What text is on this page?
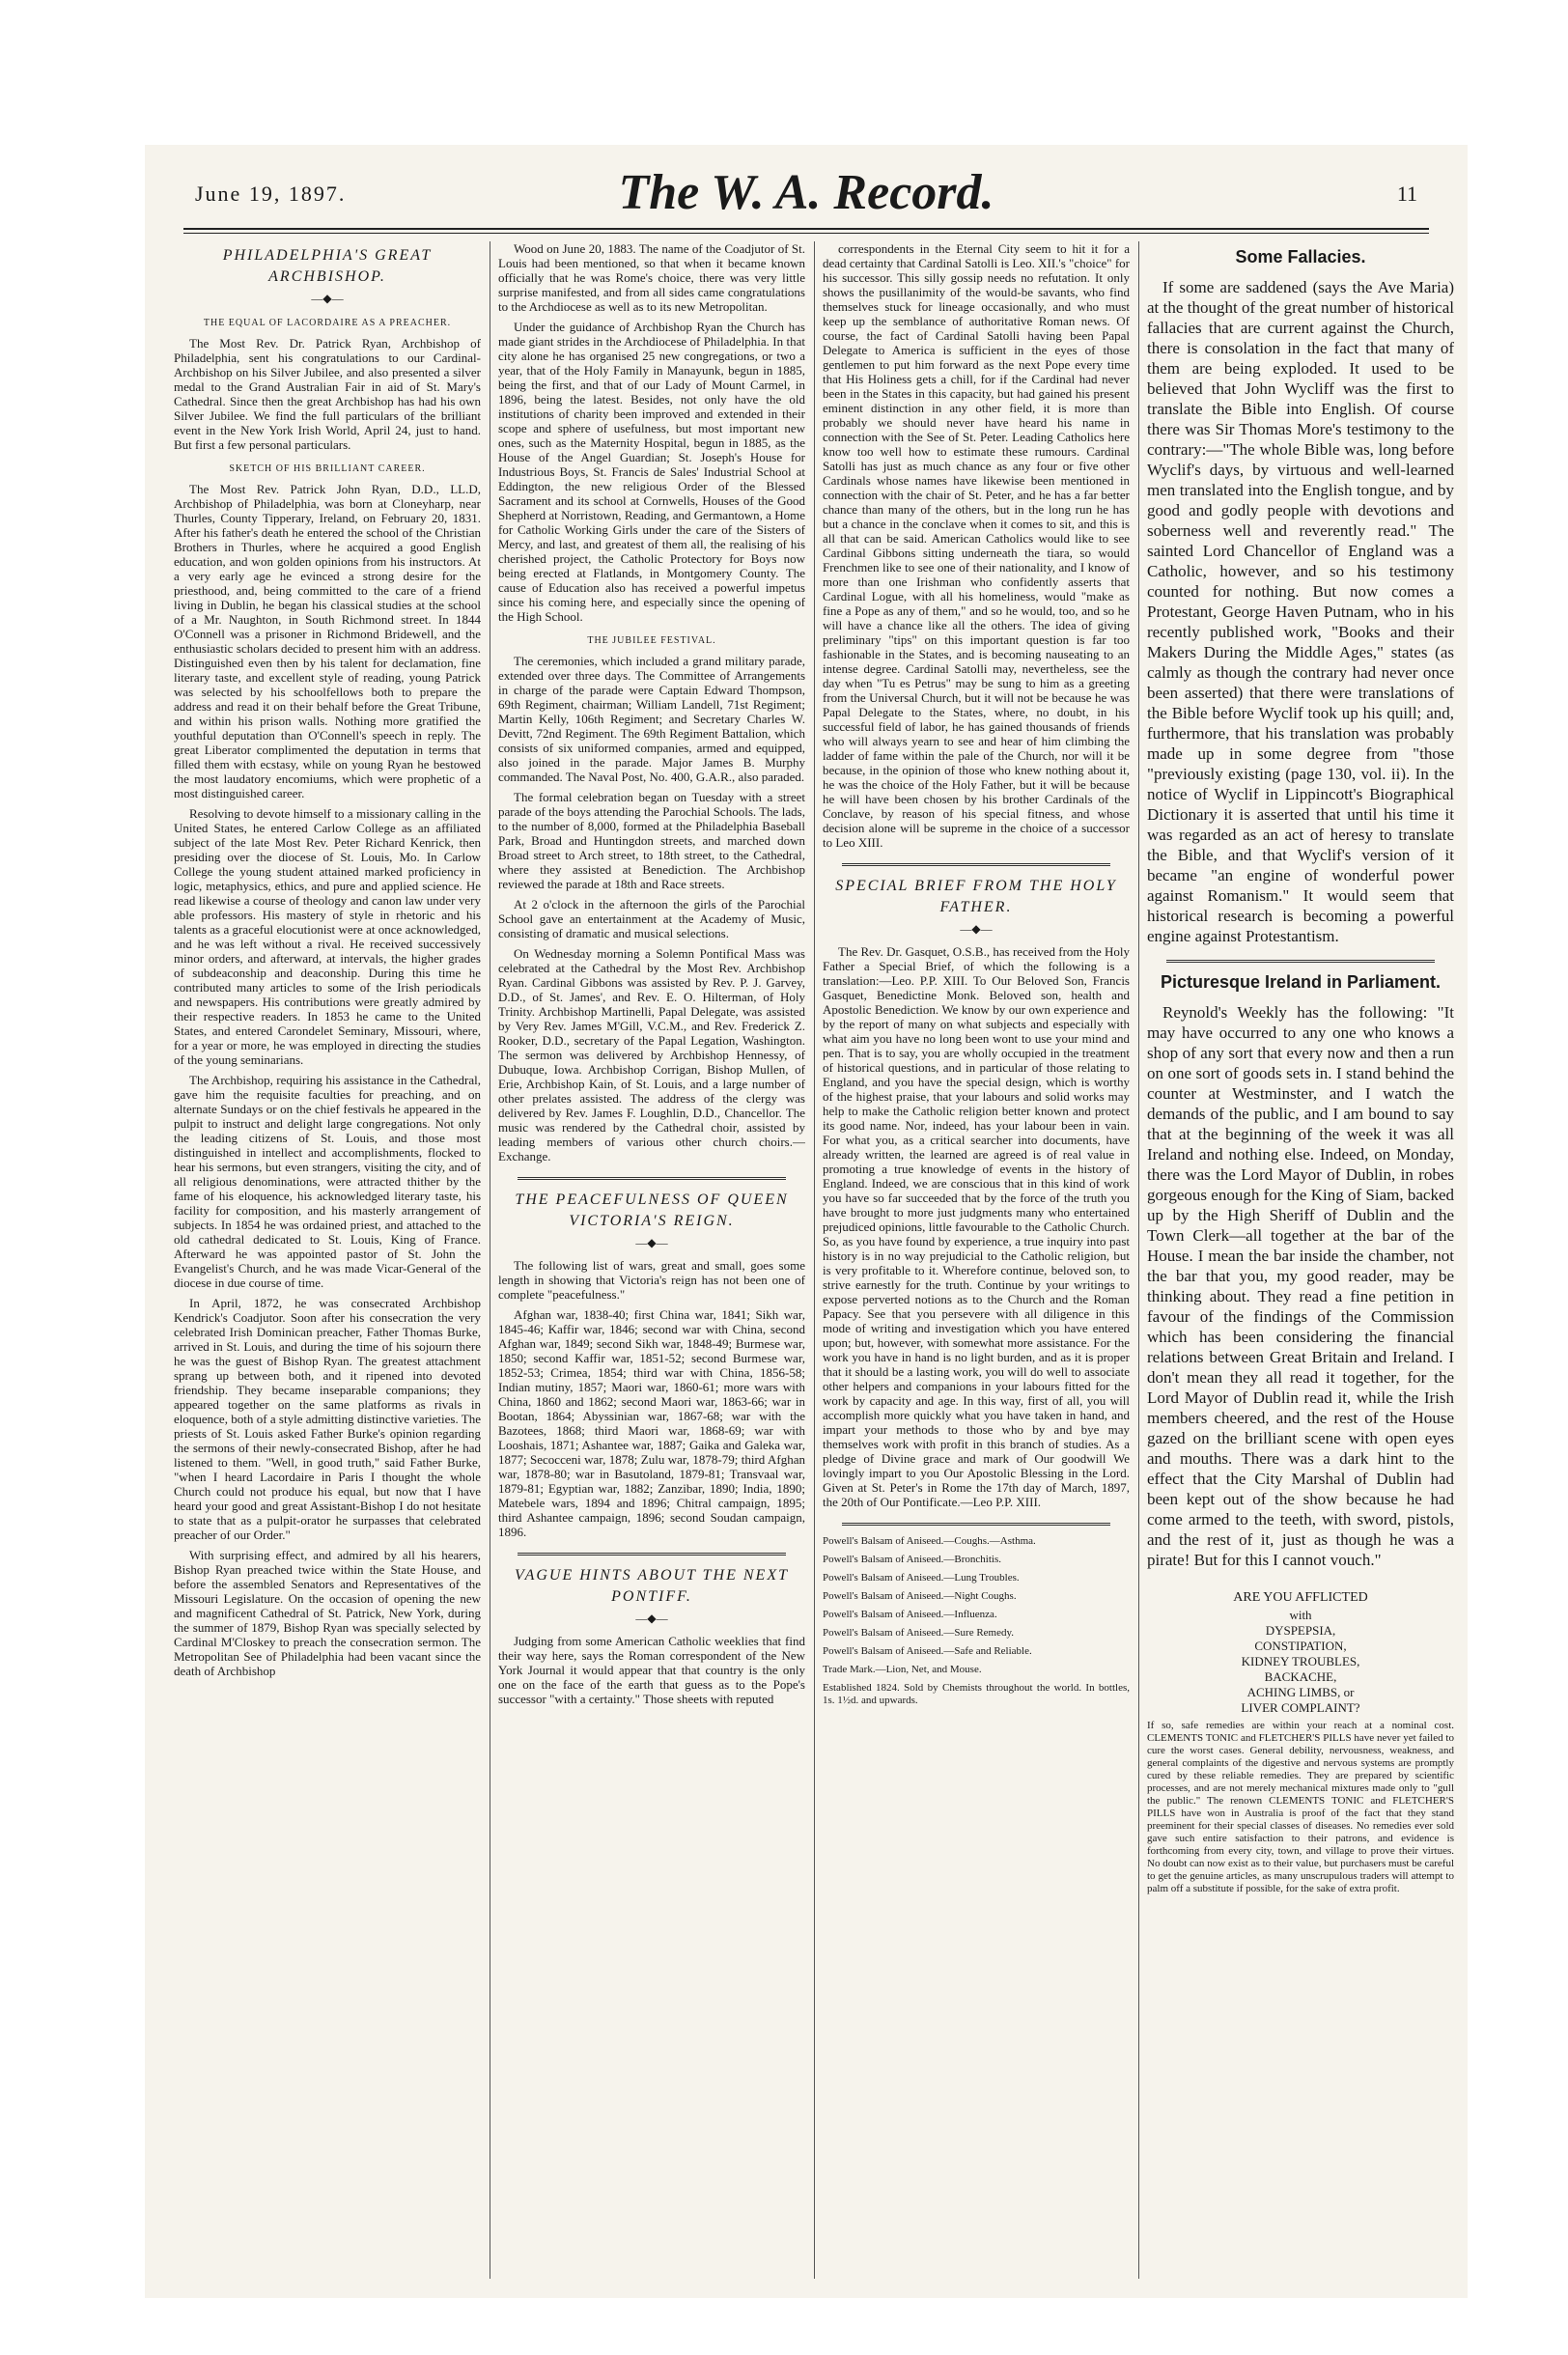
June 19, 1897.	The W. A. Record.	11
PHILADELPHIA'S GREAT ARCHBISHOP.
—◆—
THE EQUAL OF LACORDAIRE AS A PREACHER.

The Most Rev. Dr. Patrick Ryan, Archbishop of Philadelphia, sent his congratulations to our Cardinal-Archbishop on his Silver Jubilee, and also presented a silver medal to the Grand Australian Fair in aid of St. Mary's Cathedral. Since then the great Archbishop has had his own Silver Jubilee. We find the full particulars of the brilliant event in the New York Irish World, April 24, just to hand. But first a few personal particulars.

SKETCH OF HIS BRILLIANT CAREER.

The Most Rev. Patrick John Ryan, D.D., LL.D, Archbishop of Philadelphia, was born at Cloneyharp, near Thurles, County Tipperary, Ireland, on February 20, 1831. After his father's death he entered the school of the Christian Brothers in Thurles, where he acquired a good English education, and won golden opinions from his instructors. At a very early age he evinced a strong desire for the priesthood, and, being committed to the care of a friend living in Dublin, he began his classical studies at the school of a Mr. Naughton, in South Richmond street. In 1844 O'Connell was a prisoner in Richmond Bridewell, and the enthusiastic scholars decided to present him with an address. Distinguished even then by his talent for declamation, fine literary taste, and excellent style of reading, young Patrick was selected by his schoolfellows both to prepare the address and read it on their behalf before the Great Tribune, and within his prison walls. Nothing more gratified the youthful deputation than O'Connell's speech in reply. The great Liberator complimented the deputation in terms that filled them with ecstasy, while on young Ryan he bestowed the most laudatory encomiums, which were prophetic of a most distinguished career.

Resolving to devote himself to a missionary calling in the United States, he entered Carlow College as an affiliated subject of the late Most Rev. Peter Richard Kenrick, then presiding over the diocese of St. Louis, Mo. In Carlow College the young student attained marked proficiency in logic, metaphysics, ethics, and pure and applied science. He read likewise a course of theology and canon law under very able professors. His mastery of style in rhetoric and his talents as a graceful elocutionist were at once acknowledged, and he was left without a rival. He received successively minor orders, and afterward, at intervals, the higher grades of subdeaconship and deaconship. During this time he contributed many articles to some of the Irish periodicals and newspapers. His contributions were greatly admired by their respective readers. In 1853 he came to the United States, and entered Carondelet Seminary, Missouri, where, for a year or more, he was employed in directing the studies of the young seminarians.

The Archbishop, requiring his assistance in the Cathedral, gave him the requisite faculties for preaching, and on alternate Sundays or on the chief festivals he appeared in the pulpit to instruct and delight large congregations. Not only the leading citizens of St. Louis, and those most distinguished in intellect and accomplishments, flocked to hear his sermons, but even strangers, visiting the city, and of all religious denominations, were attracted thither by the fame of his eloquence, his acknowledged literary taste, his facility for composition, and his masterly arrangement of subjects. In 1854 he was ordained priest, and attached to the old cathedral dedicated to St. Louis, King of France. Afterward he was appointed pastor of St. John the Evangelist's Church, and he was made Vicar-General of the diocese in due course of time.

In April, 1872, he was consecrated Archbishop Kendrick's Coadjutor. Soon after his consecration the very celebrated Irish Dominican preacher, Father Thomas Burke, arrived in St. Louis, and during the time of his sojourn there he was the guest of Bishop Ryan. The greatest attachment sprang up between both, and it ripened into devoted friendship. They became inseparable companions; they appeared together on the same platforms as rivals in eloquence, both of a style admitting distinctive varieties. The priests of St. Louis asked Father Burke's opinion regarding the sermons of their newly-consecrated Bishop, after he had listened to them. "Well, in good truth," said Father Burke, "when I heard Lacordaire in Paris I thought the whole Church could not produce his equal, but now that I have heard your good and great Assistant-Bishop I do not hesitate to state that as a pulpit-orator he surpasses that celebrated preacher of our Order."

With surprising effect, and admired by all his hearers, Bishop Ryan preached twice within the State House, and before the assembled Senators and Representatives of the Missouri Legislature. On the occasion of opening the new and magnificent Cathedral of St. Patrick, New York, during the summer of 1879, Bishop Ryan was specially selected by Cardinal M'Closkey to preach the consecration sermon. The Metropolitan See of Philadelphia had been vacant since the death of Archbishop

Wood on June 20, 1883. The name of the Coadjutor of St. Louis had been mentioned, so that when it became known officially that he was Rome's choice, there was very little surprise manifested, and from all sides came congratulations to the Archdiocese as well as to its new Metropolitan.

Under the guidance of Archbishop Ryan the Church has made giant strides in the Archdiocese of Philadelphia. In that city alone he has organised 25 new congregations, or two a year, that of the Holy Family in Manayunk, begun in 1885, being the first, and that of our Lady of Mount Carmel, in 1896, being the latest. Besides, not only have the old institutions of charity been improved and extended in their scope and sphere of usefulness, but most important new ones, such as the Maternity Hospital, begun in 1885, as the House of the Angel Guardian; St. Joseph's House for Industrious Boys, St. Francis de Sales' Industrial School at Eddington, the new religious Order of the Blessed Sacrament and its school at Cornwells, Houses of the Good Shepherd at Norristown, Reading, and Germantown, a Home for Catholic Working Girls under the care of the Sisters of Mercy, and last, and greatest of them all, the realising of his cherished project, the Catholic Protectory for Boys now being erected at Flatlands, in Montgomery County. The cause of Education also has received a powerful impetus since his coming here, and especially since the opening of the High School.

THE JUBILEE FESTIVAL.

The ceremonies, which included a grand military parade, extended over three days. The Committee of Arrangements in charge of the parade were Captain Edward Thompson, 69th Regiment, chairman; William Landell, 71st Regiment; Martin Kelly, 106th Regiment; and Secretary Charles W. Devitt, 72nd Regiment. The 69th Regiment Battalion, which consists of six uniformed companies, armed and equipped, also joined in the parade. Major James B. Murphy commanded. The Naval Post, No. 400, G.A.R., also paraded.

The formal celebration began on Tuesday with a street parade of the boys attending the Parochial Schools. The lads, to the number of 8,000, formed at the Philadelphia Baseball Park, Broad and Huntingdon streets, and marched down Broad street to Arch street, to 18th street, to the Cathedral, where they assisted at Benediction. The Archbishop reviewed the parade at 18th and Race streets.

At 2 o'clock in the afternoon the girls of the Parochial School gave an entertainment at the Academy of Music, consisting of dramatic and musical selections.

On Wednesday morning a Solemn Pontifical Mass was celebrated at the Cathedral by the Most Rev. Archbishop Ryan. Cardinal Gibbons was assisted by Rev. P. J. Garvey, D.D., of St. James', and Rev. E. O. Hilterman, of Holy Trinity. Archbishop Martinelli, Papal Delegate, was assisted by Very Rev. James M'Gill, V.C.M., and Rev. Frederick Z. Rooker, D.D., secretary of the Papal Legation, Washington. The sermon was delivered by Archbishop Hennessy, of Dubuque, Iowa. Archbishop Corrigan, Bishop Mullen, of Erie, Archbishop Kain, of St. Louis, and a large number of other prelates assisted. The address of the clergy was delivered by Rev. James F. Loughlin, D.D., Chancellor. The music was rendered by the Cathedral choir, assisted by leading members of various other church choirs.—Exchange.

THE PEACEFULNESS OF QUEEN VICTORIA'S REIGN.
—◆—

The following list of wars, great and small, goes some length in showing that Victoria's reign has not been one of complete "peacefulness."

Afghan war, 1838-40; first China war, 1841; Sikh war, 1845-46; Kaffir war, 1846; second war with China, second Afghan war, 1849; second Sikh war, 1848-49; Burmese war, 1850; second Kaffir war, 1851-52; second Burmese war, 1852-53; Crimea, 1854; third war with China, 1856-58; Indian mutiny, 1857; Maori war, 1860-61; more wars with China, 1860 and 1862; second Maori war, 1863-66; war in Bootan, 1864; Abyssinian war, 1867-68; war with the Bazotees, 1868; third Maori war, 1868-69; war with Looshais, 1871; Ashantee war, 1887; Gaika and Galeka war, 1877; Secocceni war, 1878; Zulu war, 1878-79; third Afghan war, 1878-80; war in Basutoland, 1879-81; Transvaal war, 1879-81; Egyptian war, 1882; Zanzibar, 1890; India, 1890; Matebele wars, 1894 and 1896; Chitral campaign, 1895; third Ashantee campaign, 1896; second Soudan campaign, 1896.

VAGUE HINTS ABOUT THE NEXT PONTIFF.
—◆—

Judging from some American Catholic weeklies that find their way here, says the Roman correspondent of the New York Journal it would appear that that country is the only one on the face of the earth that guess as to the Pope's successor "with a certainty." Those sheets with reputed

correspondents in the Eternal City seem to hit it for a dead certainty that Cardinal Satolli is Leo. XII.'s "choice" for his successor. This silly gossip needs no refutation. It only shows the pusillanimity of the would-be savants, who find themselves stuck for lineage occasionally, and who must keep up the semblance of authoritative Roman news. Of course, the fact of Cardinal Satolli having been Papal Delegate to America is sufficient in the eyes of those gentlemen to put him forward as the next Pope every time that His Holiness gets a chill, for if the Cardinal had never been in the States in this capacity, but had gained his present eminent distinction in any other field, it is more than probably we should never have heard his name in connection with the See of St. Peter. Leading Catholics here know too well how to estimate these rumours. Cardinal Satolli has just as much chance as any four or five other Cardinals whose names have likewise been mentioned in connection with the chair of St. Peter, and he has a far better chance than many of the others, but in the long run he has but a chance in the conclave when it comes to sit, and this is all that can be said. American Catholics would like to see Cardinal Gibbons sitting underneath the tiara, so would Frenchmen like to see one of their nationality, and I know of more than one Irishman who confidently asserts that Cardinal Logue, with all his homeliness, would "make as fine a Pope as any of them," and so he would, too, and so he will have a chance like all the others. The idea of giving preliminary "tips" on this important question is far too fashionable in the States, and is becoming nauseating to an intense degree. Cardinal Satolli may, nevertheless, see the day when "Tu es Petrus" may be sung to him as a greeting from the Universal Church, but it will not be because he was Papal Delegate to the States, where, no doubt, in his successful field of labor, he has gained thousands of friends who will always yearn to see and hear of him climbing the ladder of fame within the pale of the Church, nor will it be because, in the opinion of those who knew nothing about it, he was the choice of the Holy Father, but it will be because he will have been chosen by his brother Cardinals of the Conclave, by reason of his special fitness, and whose decision alone will be supreme in the choice of a successor to Leo XIII.

SPECIAL BRIEF FROM THE HOLY FATHER.
—◆—

The Rev. Dr. Gasquet, O.S.B., has received from the Holy Father a Special Brief, of which the following is a translation:—Leo. P.P. XIII. To Our Beloved Son, Francis Gasquet, Benedictine Monk. Beloved son, health and Apostolic Benediction. We know by our own experience and by the report of many on what subjects and especially with what aim you have no long been wont to use your mind and pen. That is to say, you are wholly occupied in the treatment of historical questions, and in particular of those relating to England, and you have the special design, which is worthy of the highest praise, that your labours and solid works may help to make the Catholic religion better known and protect its good name. Nor, indeed, has your labour been in vain. For what you, as a critical searcher into documents, have already written, the learned are agreed is of real value in promoting a true knowledge of events in the history of England. Indeed, we are conscious that in this kind of work you have so far succeeded that by the force of the truth you have brought to more just judgments many who entertained prejudiced opinions, little favourable to the Catholic Church. So, as you have found by experience, a true inquiry into past history is in no way prejudicial to the Catholic religion, but is very profitable to it. Wherefore continue, beloved son, to strive earnestly for the truth. Continue by your writings to expose perverted notions as to the Church and the Roman Papacy. See that you persevere with all diligence in this mode of writing and investigation which you have entered upon; but, however, with somewhat more assistance. For the work you have in hand is no light burden, and as it is proper that it should be a lasting work, you will do well to associate other helpers and companions in your labours fitted for the work by capacity and age. In this way, first of all, you will accomplish more quickly what you have taken in hand, and impart your methods to those who by and bye may themselves work with profit in this branch of studies. As a pledge of Divine grace and mark of Our goodwill We lovingly impart to you Our Apostolic Blessing in the Lord. Given at St. Peter's in Rome the 17th day of March, 1897, the 20th of Our Pontificate.—Leo P.P. XIII.

Powell's Balsam of Aniseed.—Coughs.—Asthma.

Powell's Balsam of Aniseed.—Bronchitis.

Powell's Balsam of Aniseed.—Lung Troubles.

Powell's Balsam of Aniseed.—Night Coughs.

Powell's Balsam of Aniseed.—Influenza.

Powell's Balsam of Aniseed.—Sure Remedy.

Powell's Balsam of Aniseed.—Safe and Reliable.

Trade Mark.—Lion, Net, and Mouse.

Established 1824. Sold by Chemists throughout the world. In bottles, 1s. 1½d. and upwards.

Some Fallacies.

If some are saddened (says the Ave Maria) at the thought of the great number of historical fallacies that are current against the Church, there is consolation in the fact that many of them are being exploded. It used to be believed that John Wycliff was the first to translate the Bible into English. Of course there was Sir Thomas More's testimony to the contrary:—"The whole Bible was, long before Wyclif's days, by virtuous and well-learned men translated into the English tongue, and by good and godly people with devotions and soberness well and reverently read." The sainted Lord Chancellor of England was a Catholic, however, and so his testimony counted for nothing. But now comes a Protestant, George Haven Putnam, who in his recently published work, "Books and their Makers During the Middle Ages," states (as calmly as though the contrary had never once been asserted) that there were translations of the Bible before Wyclif took up his quill; and, furthermore, that his translation was probably made up in some degree from "those "previously existing (page 130, vol. ii). In the notice of Wyclif in Lippincott's Biographical Dictionary it is asserted that until his time it was regarded as an act of heresy to translate the Bible, and that Wyclif's version of it became "an engine of wonderful power against Romanism." It would seem that historical research is becoming a powerful engine against Protestantism.

Picturesque Ireland in Parliament.

Reynold's Weekly has the following: "It may have occurred to any one who knows a shop of any sort that every now and then a run on one sort of goods sets in. I stand behind the counter at Westminster, and I watch the demands of the public, and I am bound to say that at the beginning of the week it was all Ireland and nothing else. Indeed, on Monday, there was the Lord Mayor of Dublin, in robes gorgeous enough for the King of Siam, backed up by the High Sheriff of Dublin and the Town Clerk—all together at the bar of the House. I mean the bar inside the chamber, not the bar that you, my good reader, may be thinking about. They read a fine petition in favour of the findings of the Commission which has been considering the financial relations between Great Britain and Ireland. I don't mean they all read it together, for the Lord Mayor of Dublin read it, while the Irish members cheered, and the rest of the House gazed on the brilliant scene with open eyes and mouths. There was a dark hint to the effect that the City Marshal of Dublin had been kept out of the show because he had come armed to the teeth, with sword, pistols, and the rest of it, just as though he was a pirate! But for this I cannot vouch."

ARE YOU AFFLICTED
with
DYSPEPSIA,
CONSTIPATION,
KIDNEY TROUBLES,
BACKACHE,
ACHING LIMBS, or
LIVER COMPLAINT?

If so, safe remedies are within your reach at a nominal cost. CLEMENTS TONIC and FLETCHER'S PILLS have never yet failed to cure the worst cases. General debility, nervousness, weakness, and general complaints of the digestive and nervous systems are promptly cured by these reliable remedies. They are prepared by scientific processes, and are not merely mechanical mixtures made only to "gull the public." The renown CLEMENTS TONIC and FLETCHER'S PILLS have won in Australia is proof of the fact that they stand preeminent for their special classes of diseases. No remedies ever sold gave such entire satisfaction to their patrons, and evidence is forthcoming from every city, town, and village to prove their virtues. No doubt can now exist as to their value, but purchasers must be careful to get the genuine articles, as many unscrupulous traders will attempt to palm off a substitute if possible, for the sake of extra profit.
